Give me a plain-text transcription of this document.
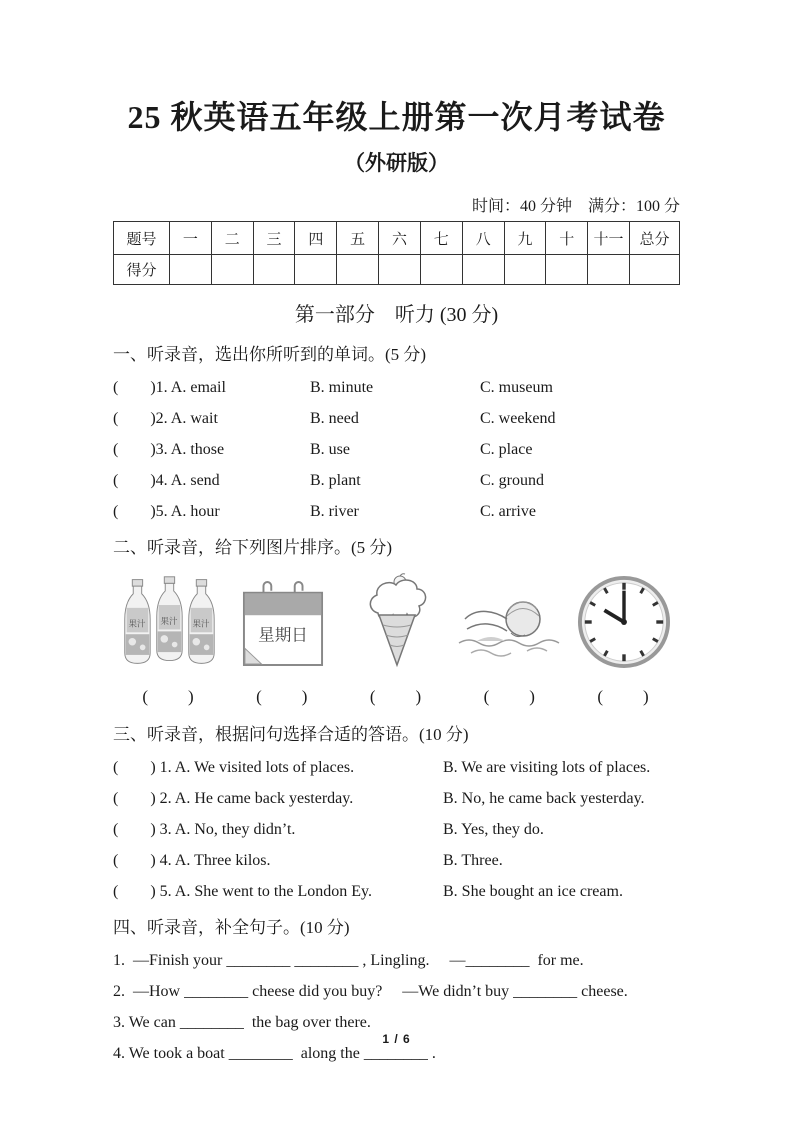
25 秋英语五年级上册第一次月考试卷
（外研版）
时间：40 分钟　满分：100 分
题号	一	二	三	四	五	六	七	八	九	十	十一	总分
得分												
第一部分　听力 (30 分)
一、听录音，选出你所听到的单词。(5 分)
(　　)1. A. email	B. minute	C. museum
(　　)2. A. wait	B. need	C. weekend
(　　)3. A. those	B. use	C. place
(　　)4. A. send	B. plant	C. ground
(　　)5. A. hour	B. river	C. arrive
二、听录音，给下列图片排序。(5 分)
果汁 果汁 果汁
星期日
(　　)	(　　)	(　　)	(　　)	(　　)
三、听录音，根据问句选择合适的答语。(10 分)
(　　) 1. A. We visited lots of places.	B. We are visiting lots of places.
(　　) 2. A. He came back yesterday.	B. No, he came back yesterday.
(　　) 3. A. No, they didn’t.	B. Yes, they do.
(　　) 4. A. Three kilos.	B. Three.
(　　) 5. A. She went to the London Ey.	B. She bought an ice cream.
四、听录音，补全句子。(10 分)
1.  —Finish your ________ ________ , Lingling.　 —________  for me.
2.  —How ________ cheese did you buy?　 —We didn’t buy ________ cheese.
3. We can ________  the bag over there.
4. We took a boat ________  along the ________ .
1 / 6
